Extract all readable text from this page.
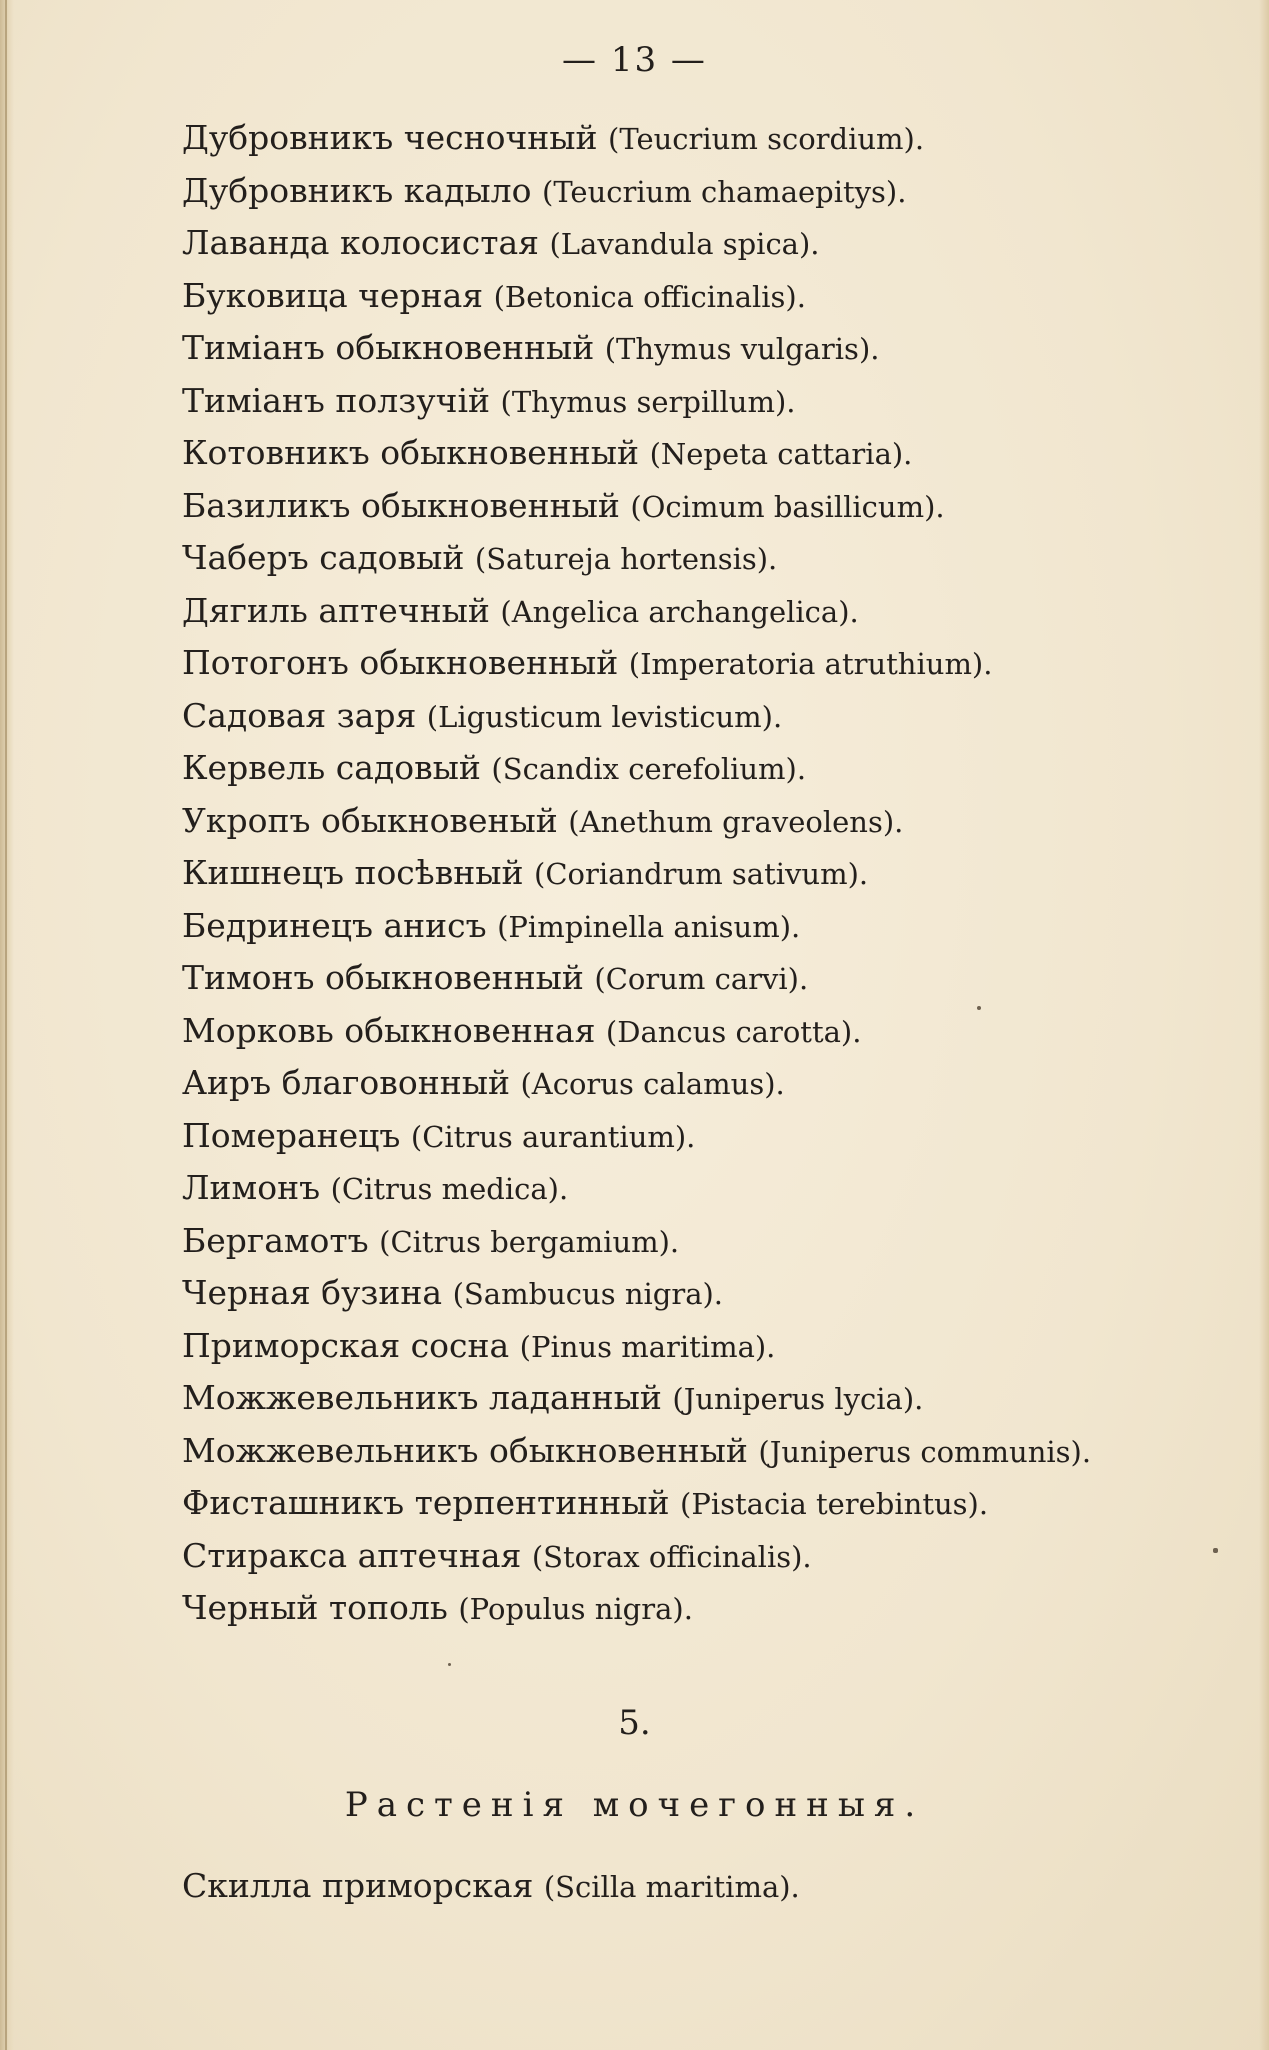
— 13 —
Дубровникъ чесночный (Teucrium scordium).
Дубровникъ кадыло (Teucrium chamaepitys).
Лаванда колосистая (Lavandula spica).
Буковица черная (Betonica officinalis).
Тиміанъ обыкновенный (Thymus vulgaris).
Тиміанъ ползучій (Thymus serpillum).
Котовникъ обыкновенный (Nepeta cattaria).
Базиликъ обыкновенный (Ocimum basillicum).
Чаберъ садовый (Satureja hortensis).
Дягиль аптечный (Angelica archangelica).
Потогонъ обыкновенный (Imperatoria atruthium).
Садовая заря (Ligusticum levisticum).
Кервель садовый (Scandix cerefolium).
Укропъ обыкновеный (Anethum graveolens).
Кишнецъ посѣвный (Coriandrum sativum).
Бедринецъ анисъ (Pimpinella anisum).
Тимонъ обыкновенный (Corum carvi).
Морковь обыкновенная (Dancus carotta).
Аиръ благовонный (Acorus calamus).
Померанецъ (Citrus aurantium).
Лимонъ (Citrus medica).
Бергамотъ (Citrus bergamium).
Черная бузина (Sambucus nigra).
Приморская сосна (Pinus maritima).
Можжевельникъ ладанный (Juniperus lycia).
Можжевельникъ обыкновенный (Juniperus communis).
Фисташникъ терпентинный (Pistacia terebintus).
Стиракса аптечная (Storax officinalis).
Черный тополь (Populus nigra).
5.
Растенія мочегонныя.
Скилла приморская (Scilla maritima).
